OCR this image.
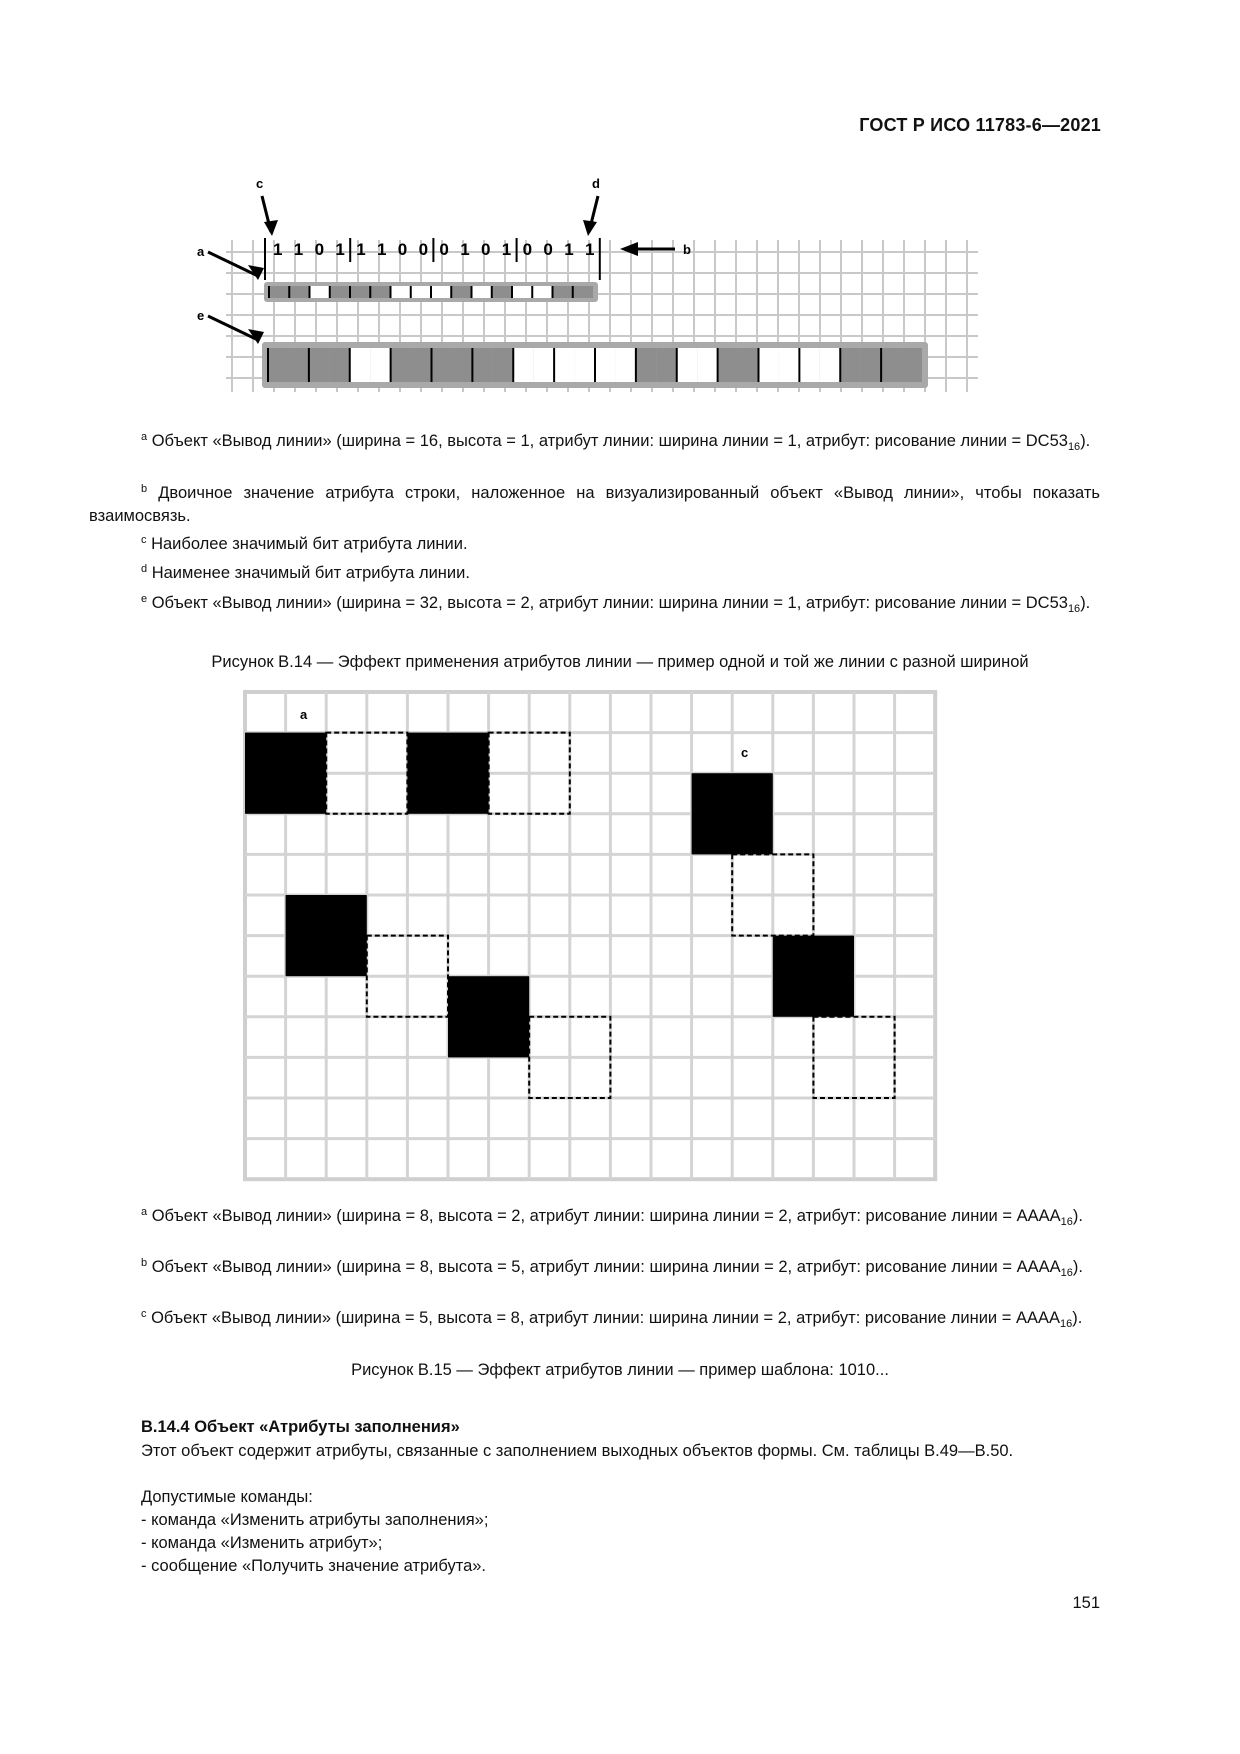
ГОСТ Р ИСО 11783-6—2021
1 1 0 1 1 1 0 0 0 1 0 1 0 0 1 1
c	d
a	b
e
$^a$ Объект «Вывод линии» (ширина = 16, высота = 1, атрибут линии: ширина линии = 1, атрибут: рисование линии = $DC53_{16}$).
$^b$ Двоичное значение атрибута строки, наложенное на визуализированный объект «Вывод линии», чтобы показать взаимосвязь.
$^c$ Наиболее значимый бит атрибута линии.
$^d$ Наименее значимый бит атрибута линии.
$^e$ Объект «Вывод линии» (ширина = 32, высота = 2, атрибут линии: ширина линии = 1, атрибут: рисование линии = $DC53_{16}$).
Рисунок B.14 — Эффект применения атрибутов линии — пример одной и той же линии с разной шириной
a
b
c
$^a$ Объект «Вывод линии» (ширина = 8, высота = 2, атрибут линии: ширина линии = 2, атрибут: рисование линии = $AAAA_{16}$).
$^b$ Объект «Вывод линии» (ширина = 8, высота = 5, атрибут линии: ширина линии = 2, атрибут: рисование линии = $AAAA_{16}$).
$^c$ Объект «Вывод линии» (ширина = 5, высота = 8, атрибут линии: ширина линии = 2, атрибут: рисование линии = $AAAA_{16}$).
Рисунок B.15 — Эффект атрибутов линии — пример шаблона: 1010...
B.14.4 Объект «Атрибуты заполнения»
Этот объект содержит атрибуты, связанные с заполнением выходных объектов формы. См. таблицы B.49—B.50.
Допустимые команды:
- команда «Изменить атрибуты заполнения»;
- команда «Изменить атрибут»;
- сообщение «Получить значение атрибута».
151
